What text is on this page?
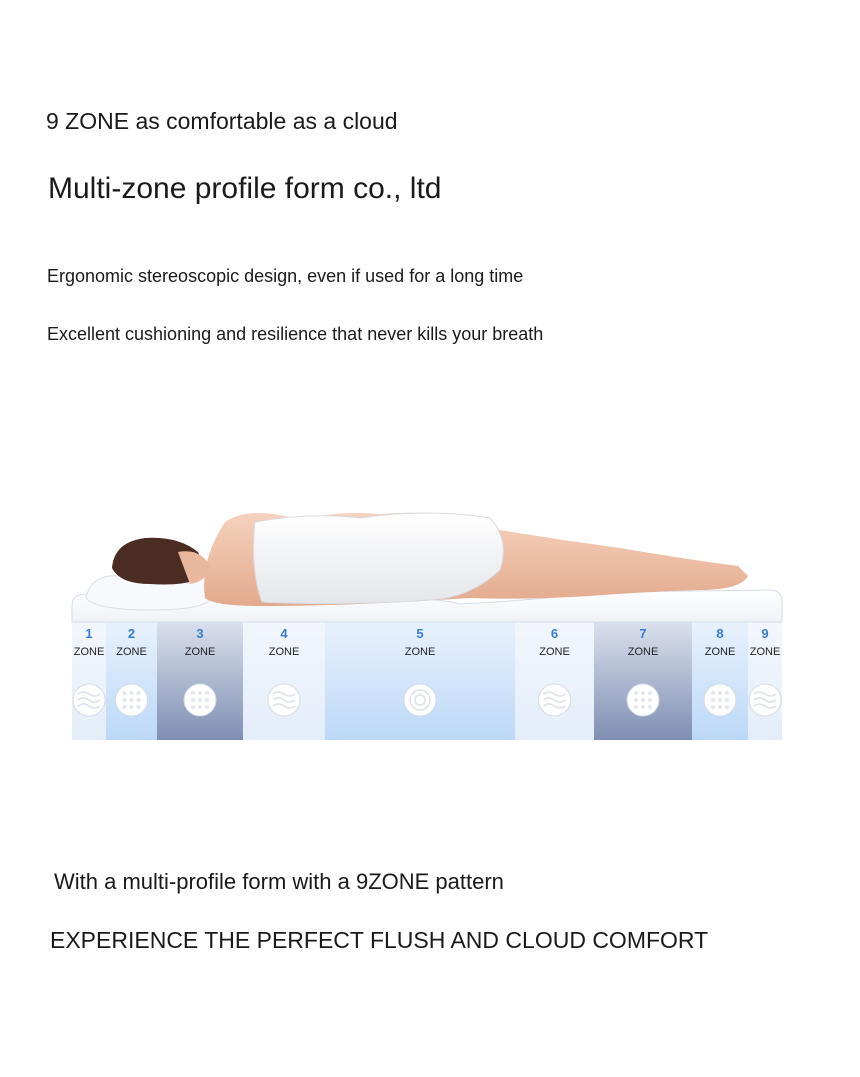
9 ZONE as comfortable as a cloud
Multi-zone profile form co., ltd
Ergonomic stereoscopic design, even if used for a long time
Excellent cushioning and resilience that never kills your breath
1
ZONE
2
ZONE
3
ZONE
4
ZONE
5
ZONE
6
ZONE
7
ZONE
8
ZONE
9
ZONE
With a multi-profile form with a 9ZONE pattern
EXPERIENCE THE PERFECT FLUSH AND CLOUD COMFORT
